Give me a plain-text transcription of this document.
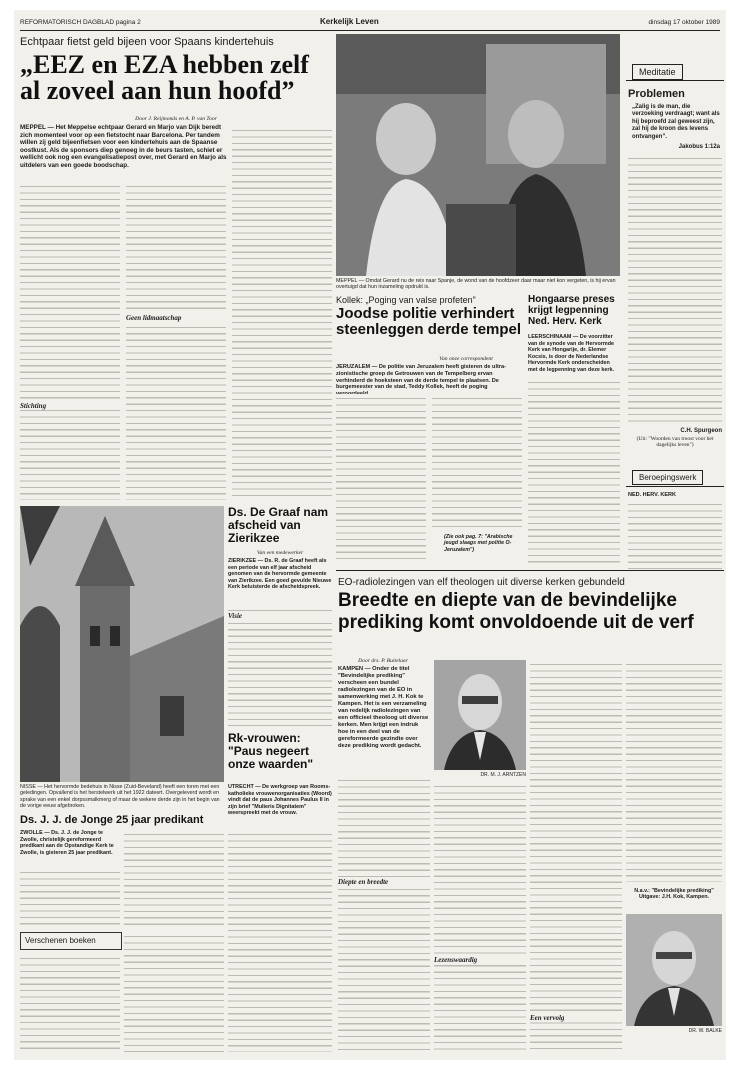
REFORMATORISCH DAGBLAD pagina 2	Kerkelijk Leven	dinsdag 17 oktober 1989
Echtpaar fietst geld bijeen voor Spaans kindertehuis
„EEZ en EZA hebben zelf al zoveel aan hun hoofd”
Door J. Reijmonds en A. P. van Toor
MEPPEL — Het Meppelse echtpaar Gerard en Marjo van Dijk beredt zich momenteel voor op een fietstocht naar Barcelona. Per tandem willen zij geld bijeenfietsen voor een kindertehuis aan de Spaanse oostkust. Als de sponsors diep genoeg in de beurs tasten, schiet er wellicht ook nog een evangelisatiepost over, met Gerard en Marjo als uitdelers van een goede boodschap.
Stichting
Geen lidmaatschap
MEPPEL — Omdat Gerard nu de reis naar Spanje, de wond van de hoofdzeer daar maar niet kon vergeten, is hij ervan overtuigd dat hun inzameling opdrukt is.
Meditatie
Problemen
„Zalig is de man, die verzoeking verdraagt; want als hij beproefd zal geweest zijn, zal hij de kroon des levens ontvangen”.
Jakobus 1:12a
C.H. Spurgeon
(Uit: "Woorden van troost voor het dagelijks leven")
Beroepingswerk
NED. HERV. KERK
Kollek: „Poging van valse profeten”
Joodse politie verhindert steenleggen derde tempel
Van onze correspondent
JERUZALEM — De politie van Jeruzalem heeft gisteren de ultra-zionistische groep de Getrouwen van de Tempelberg ervan verhinderd de hoeksteen van de derde tempel te plaatsen. De burgemeester van de stad, Teddy Kollek, heeft de poging
(Zie ook pag. 7: "Arabische jeugd slaags met politie O-Jeruzalem")
Hongaarse preses krijgt legpenning Ned. Herv. Kerk
LEERSCHINAAM — De voorzitter van de synode van de Hervormde Kerk van Hongarije, dr. Elemer Kocsis, is door de Nederlandse Hervormde Kerk onderscheiden met de legpenning van deze kerk.
NISSE — Het hervormde bedehuis in Nisse (Zuid-Beveland) heeft een toren met een geledingen. Opvallend is het herstelwerk uit het 1922 dateert. Overgeleverd wordt en sprake van een enkel dorpssmalkmerg of maar de wekere derde zijn in het begin van de vorige eeuw afgebroken.
Ds. De Graaf nam afscheid van Zierikzee
Van een medewerker
ZIERIKZEE — Ds. R. de Graaf heeft als een periode van elf jaar afscheid genomen van de hervormde gemeente van Zierikzee. Een goed gevulde Nieuwe Kerk beluisterde de afscheidspreek.
Visie
Rk-vrouwen: "Paus negeert onze waarden"
UTRECHT — De werkgroep van Rooms-katholieke vrouwenorganisaties (Woord) vindt dat de paus Johannes Paulus II in zijn brief "Mulieris Dignitatem" weerspreekt met de vrouw.
Ds. J. J. de Jonge 25 jaar predikant
ZWOLLE — Ds. J. J. de Jonge te Zwolle, christelijk gereformeerd predikant aan de Opstandige Kerk te Zwolle, is gisteren 25 jaar predikant.
Verschenen boeken
EO-radiolezingen van elf theologen uit diverse kerken gebundeld
Breedte en diepte van de bevindelijke prediking komt onvoldoende uit de verf
Door drs. P. Buitelaar
KAMPEN — Onder de titel "Bevindelijke prediking" verscheen een bundel radiolezingen van de EO in samenwerking met J. H. Kok te Kampen. Het is een verzameling van redelijk radiolezingen van een officieel theoloog uit diverse kerken. Men krijgt een indruk hoe in een deel van de gereformeerde gezindte over deze prediking wordt gedacht.
Diepte en breedte
DR. M. J. ARNTZEN
Lezenswaardig
Een vervolg
N.a.v.: "Bevindelijke prediking" Uitgave: J.H. Kok, Kampen.
DR. W. BALKE
